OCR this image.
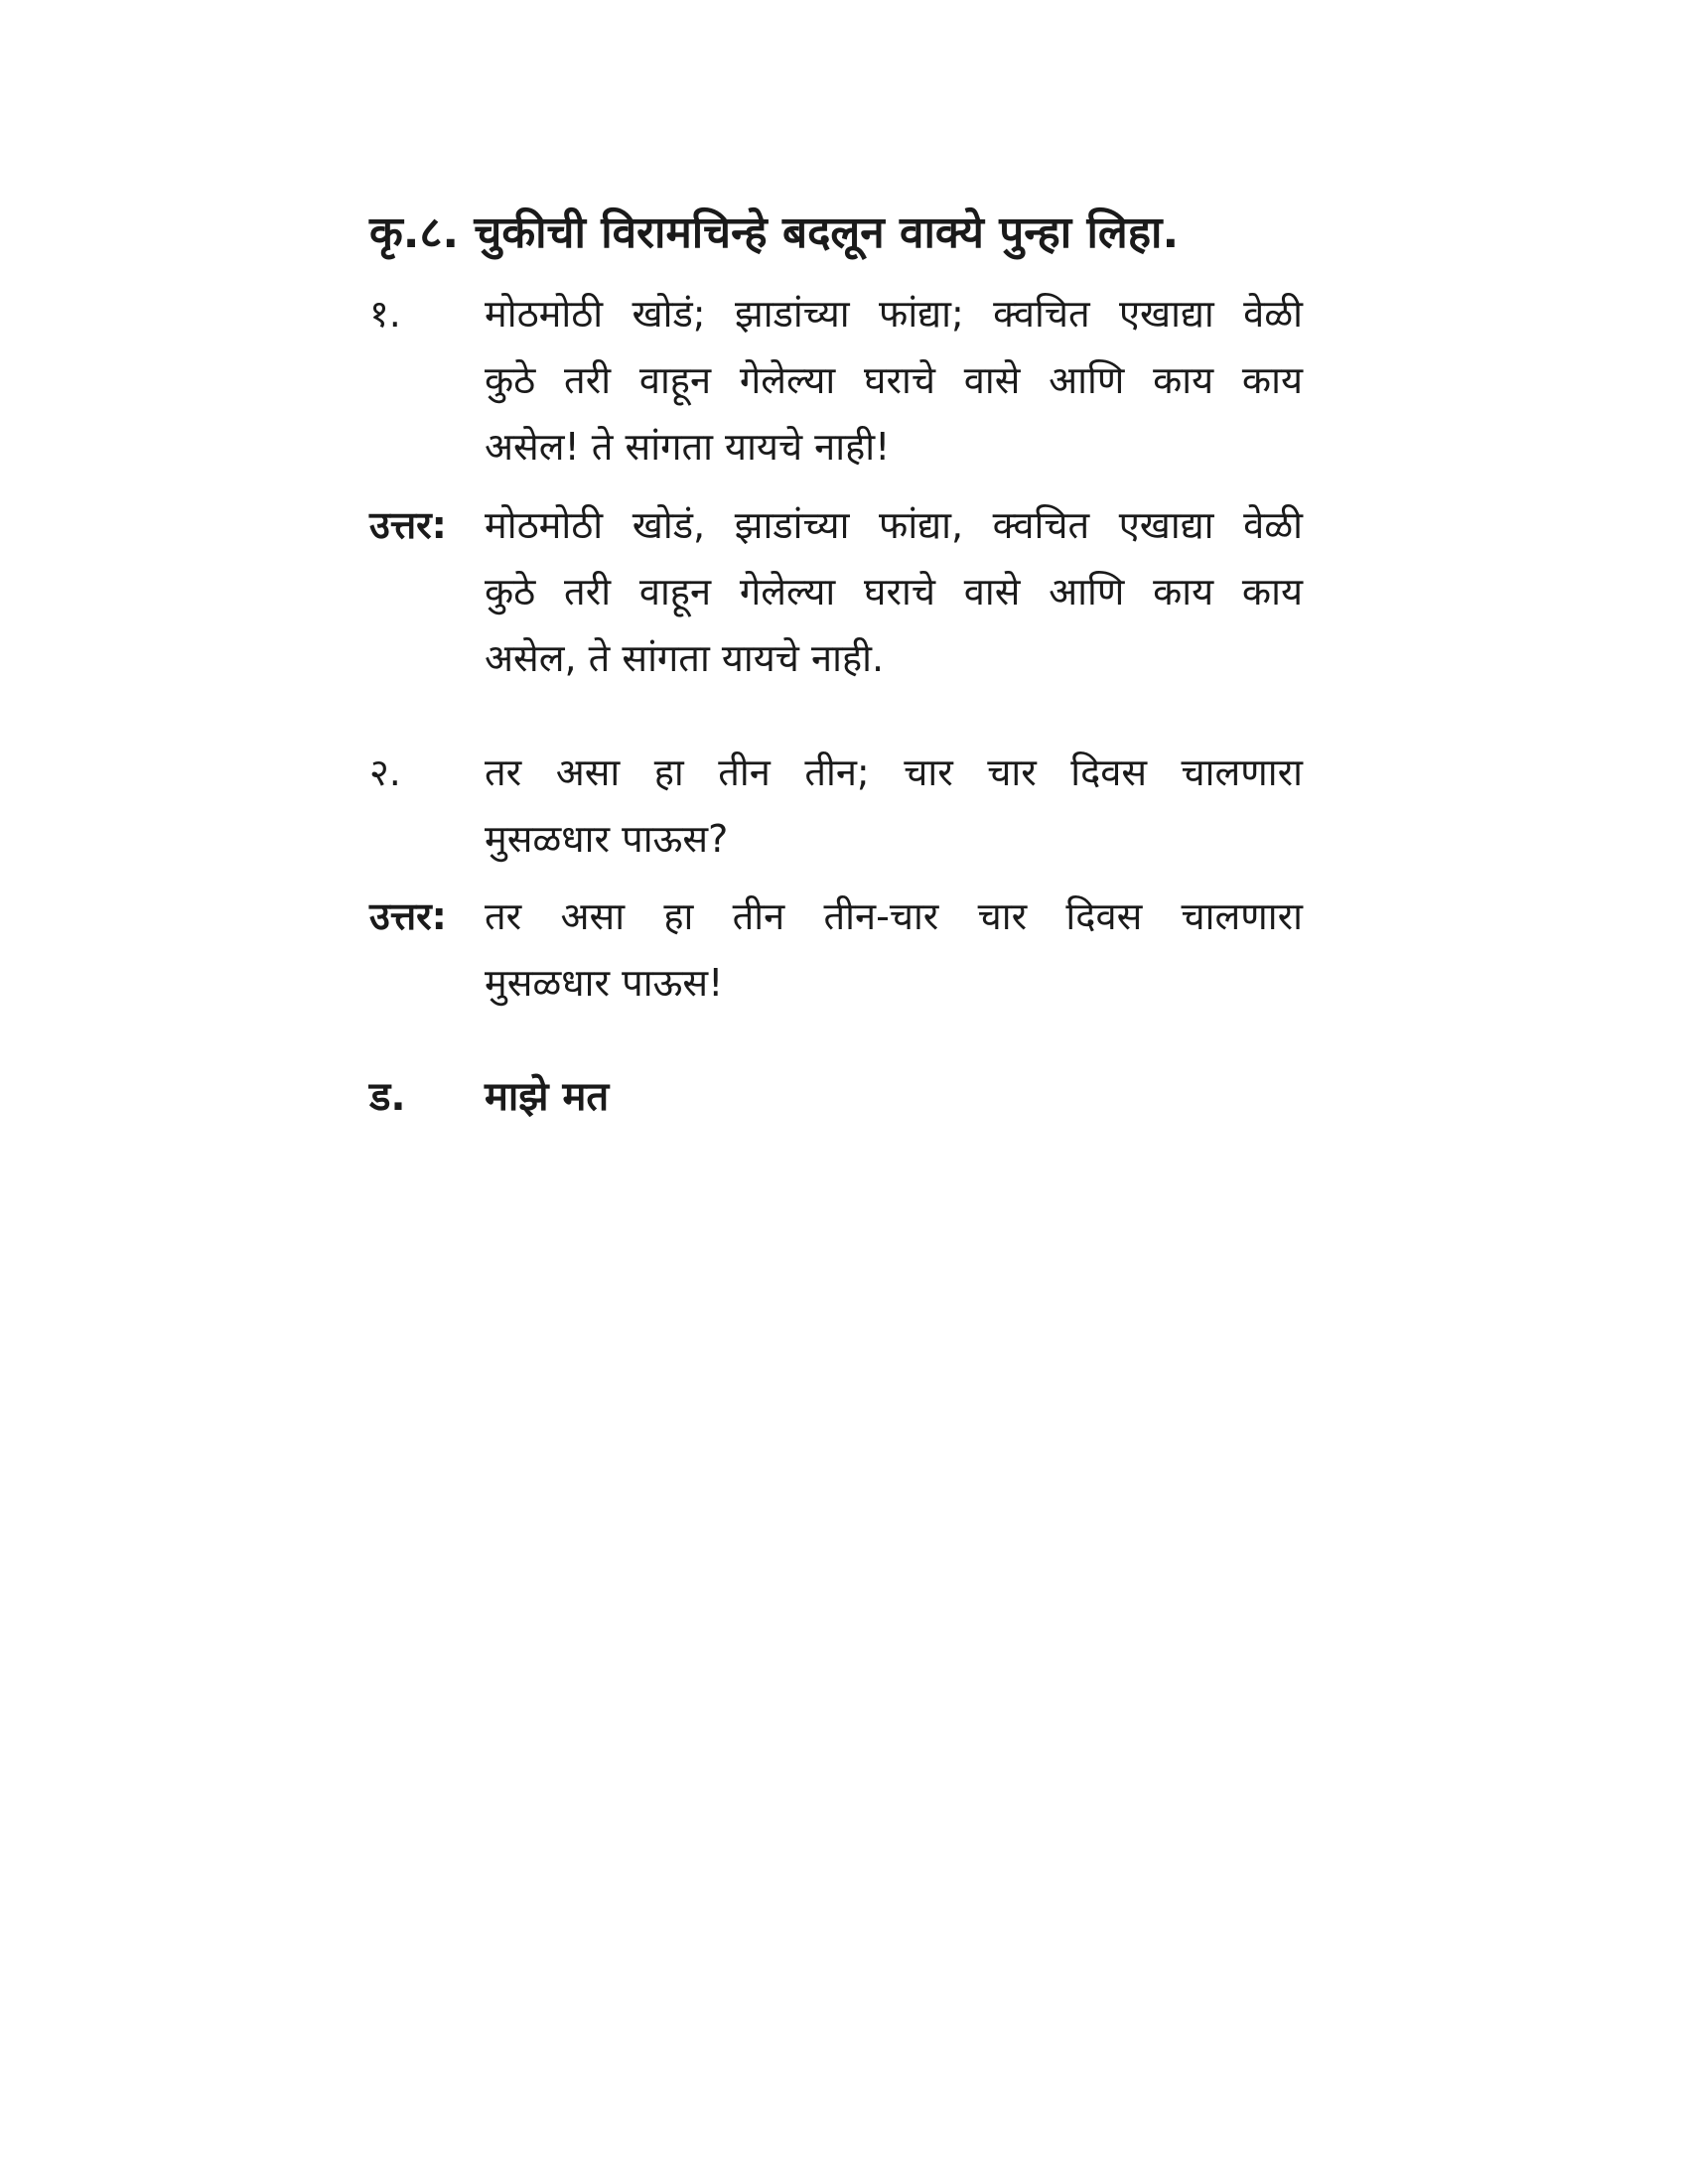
कृ.८. चुकीची विरामचिन्हे बदलून वाक्ये पुन्हा लिहा.
१.	मोठमोठी खोडं; झाडांच्या फांद्या; क्वचित एखाद्या वेळी
कुठे तरी वाहून गेलेल्या घराचे वासे आणि काय काय
असेल! ते सांगता यायचे नाही!
उत्तर:	मोठमोठी खोडं, झाडांच्या फांद्या, क्वचित एखाद्या वेळी
कुठे तरी वाहून गेलेल्या घराचे वासे आणि काय काय
असेल, ते सांगता यायचे नाही.
२.	तर असा हा तीन तीन; चार चार दिवस चालणारा
मुसळधार पाऊस?
उत्तर:	तर असा हा तीन तीन-चार चार दिवस चालणारा
मुसळधार पाऊस!
ड. माझे मत
